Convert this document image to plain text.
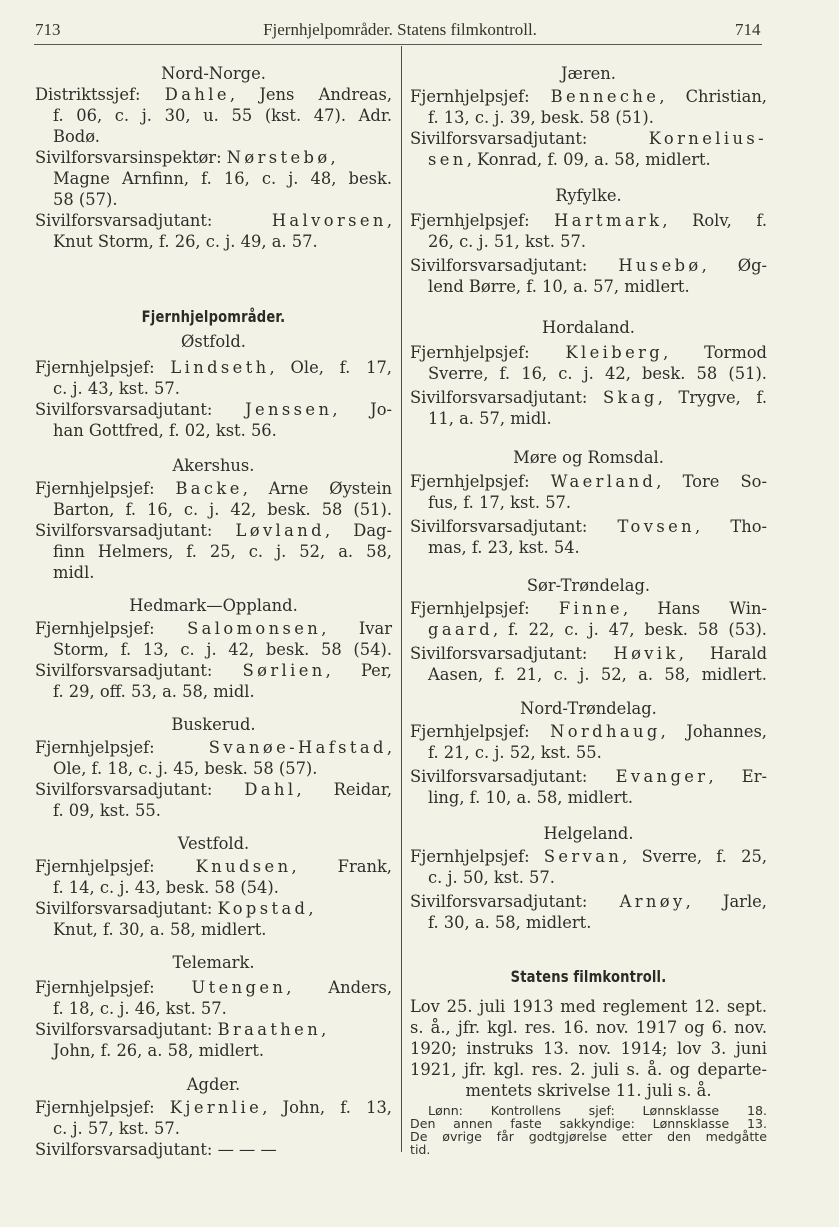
713	Fjernhjelpområder. Statens filmkontroll.	714
Nord-Norge.
Distriktssjef: Dahle, Jens Andreas,
f. 06, c. j. 30, u. 55 (kst. 47). Adr.
Bodø.
Sivilforsvarsinspektør: Nørstebø,
Magne Arnfinn, f. 16, c. j. 48, besk.
58 (57).
Sivilforsvarsadjutant: Halvorsen,
Knut Storm, f. 26, c. j. 49, a. 57.
Fjernhjelpområder.
Østfold.
Fjernhjelpsjef: Lindseth, Ole, f. 17,
c. j. 43, kst. 57.
Sivilforsvarsadjutant: Jenssen, Jo-
han Gottfred, f. 02, kst. 56.
Akershus.
Fjernhjelpsjef: Backe, Arne Øystein
Barton, f. 16, c. j. 42, besk. 58 (51).
Sivilforsvarsadjutant: Løvland, Dag-
finn Helmers, f. 25, c. j. 52, a. 58,
midl.
Hedmark—Oppland.
Fjernhjelpsjef: Salomonsen, Ivar
Storm, f. 13, c. j. 42, besk. 58 (54).
Sivilforsvarsadjutant: Sørlien, Per,
f. 29, off. 53, a. 58, midl.
Buskerud.
Fjernhjelpsjef: Svanøe-Hafstad,
Ole, f. 18, c. j. 45, besk. 58 (57).
Sivilforsvarsadjutant: Dahl, Reidar,
f. 09, kst. 55.
Vestfold.
Fjernhjelpsjef: Knudsen, Frank,
f. 14, c. j. 43, besk. 58 (54).
Sivilforsvarsadjutant: Kopstad,
Knut, f. 30, a. 58, midlert.
Telemark.
Fjernhjelpsjef: Utengen, Anders,
f. 18, c. j. 46, kst. 57.
Sivilforsvarsadjutant: Braathen,
John, f. 26, a. 58, midlert.
Agder.
Fjernhjelpsjef: Kjernlie, John, f. 13,
c. j. 57, kst. 57.
Sivilforsvarsadjutant: — — —
Jæren.
Fjernhjelpsjef: Benneche, Christian,
f. 13, c. j. 39, besk. 58 (51).
Sivilforsvarsadjutant: Kornelius-
sen, Konrad, f. 09, a. 58, midlert.
Ryfylke.
Fjernhjelpsjef: Hartmark, Rolv, f.
26, c. j. 51, kst. 57.
Sivilforsvarsadjutant: Husebø, Øg-
lend Børre, f. 10, a. 57, midlert.
Hordaland.
Fjernhjelpsjef: Kleiberg, Tormod
Sverre, f. 16, c. j. 42, besk. 58 (51).
Sivilforsvarsadjutant: Skag, Trygve, f.
11, a. 57, midl.
Møre og Romsdal.
Fjernhjelpsjef: Waerland, Tore So-
fus, f. 17, kst. 57.
Sivilforsvarsadjutant: Tovsen, Tho-
mas, f. 23, kst. 54.
Sør-Trøndelag.
Fjernhjelpsjef: Finne, Hans Win-
gaard, f. 22, c. j. 47, besk. 58 (53).
Sivilforsvarsadjutant: Høvik, Harald
Aasen, f. 21, c. j. 52, a. 58, midlert.
Nord-Trøndelag.
Fjernhjelpsjef: Nordhaug, Johannes,
f. 21, c. j. 52, kst. 55.
Sivilforsvarsadjutant: Evanger, Er-
ling, f. 10, a. 58, midlert.
Helgeland.
Fjernhjelpsjef: Servan, Sverre, f. 25,
c. j. 50, kst. 57.
Sivilforsvarsadjutant: Arnøy, Jarle,
f. 30, a. 58, midlert.
Statens filmkontroll.
Lov 25. juli 1913 med reglement 12. sept.
s. å., jfr. kgl. res. 16. nov. 1917 og 6. nov.
1920; instruks 13. nov. 1914; lov 3. juni
1921, jfr. kgl. res. 2. juli s. å. og departe-
mentets skrivelse 11. juli s. å.
Lønn: Kontrollens sjef: Lønnsklasse 18.
Den annen faste sakkyndige: Lønnsklasse 13.
De øvrige får godtgjørelse etter den medgåtte
tid.
